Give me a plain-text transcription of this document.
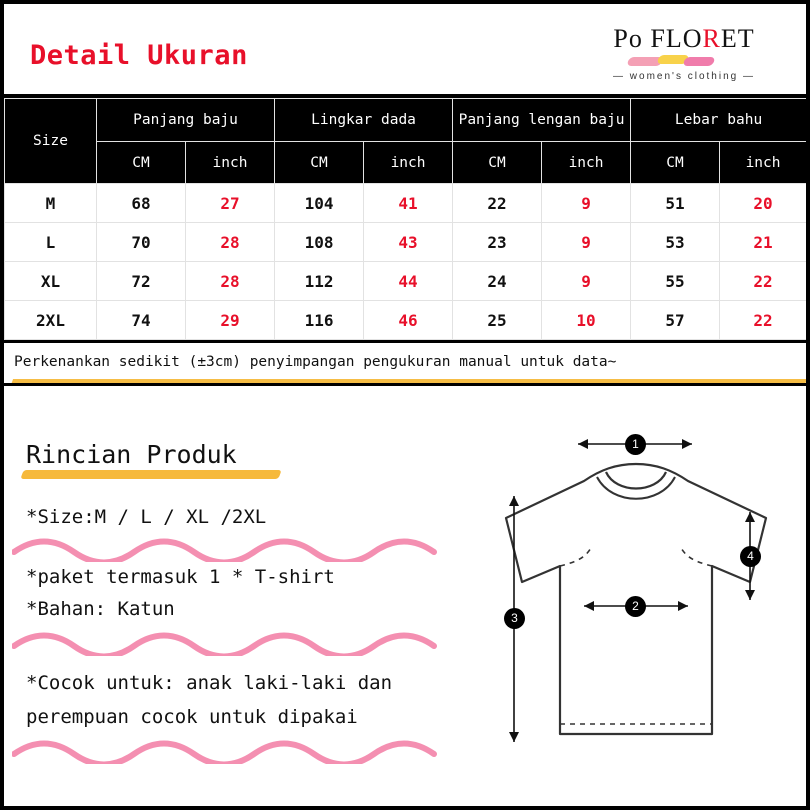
Detail Ukuran
Po FLORET
— women's clothing —
Size	Panjang baju		Lingkar dada		Panjang lengan baju		Lebar bahu	
	CM	inch	CM	inch	CM	inch	CM	inch
M	68	27	104	41	22	9	51	20
L	70	28	108	43	23	9	53	21
XL	72	28	112	44	24	9	55	22
2XL	74	29	116	46	25	10	57	22
Perkenankan sedikit (±3cm) penyimpangan pengukuran manual untuk data~
Rincian Produk
*Size:M / L / XL /2XL
*paket termasuk 1 * T-shirt
*Bahan: Katun
*Cocok untuk: anak laki-laki dan
perempuan cocok untuk dipakai
1
2
3
4
